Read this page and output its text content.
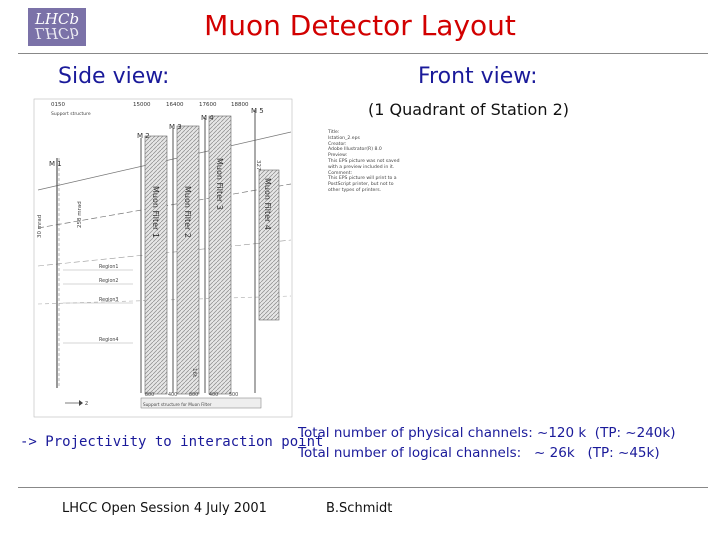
LHCb
LHCb	Muon Detector Layout
Side view:	Front view:
(1 Quadrant of Station 2)
0150	15000	16400	17600	18800
Support structure
M 1
M 2
M 3
M 4
M 5
Muon Filter 1	Muon Filter 2
Muon Filter 3	Muon Filter 4
Region1
Region2
Region3
Region4
30 mrad	258 mrad
16t
327
800	400 800 400 500
Support structure for Muon Filter
z
Title:
lstation_2.eps
Creator:
Adobe Illustrator(R) 8.0
Preview:
This EPS picture was not saved
with a preview included in it.
Comment:
This EPS picture will print to a
PostScript printer, but not to
other types of printers.
-> Projectivity to interaction point
Total number of physical channels: ~120 k  (TP: ~240k)
Total number of logical channels:   ~ 26k   (TP: ~45k)
LHCC Open Session 4 July 2001	B.Schmidt
